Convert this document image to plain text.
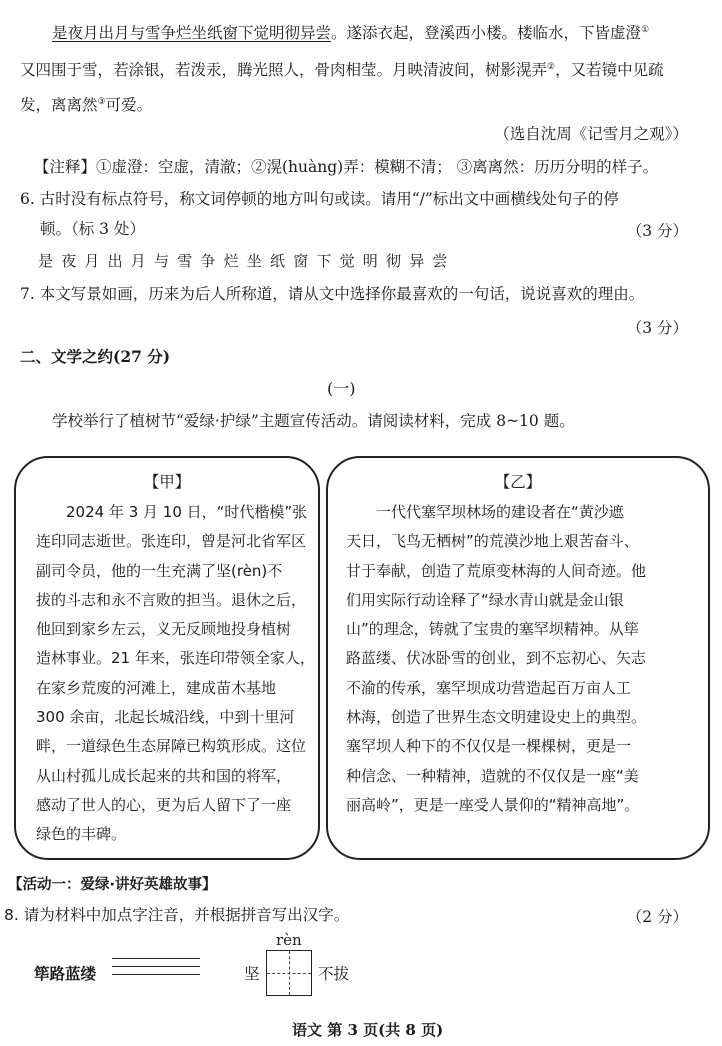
是夜月出月与雪争烂坐纸窗下觉明彻异尝。遂添衣起，登溪西小楼。楼临水，下皆虚澄①
又四围于雪，若涂银，若泼汞，腾光照人，骨肉相莹。月映清波间，树影滉弄②，又若镜中见疏
发，离离然③可爱。
（选自沈周《记雪月之观》）
【注释】①虚澄：空虚，清澈；②滉(huàng)弄：模糊不清； ③离离然：历历分明的样子。
6. 古时没有标点符号，称文词停顿的地方叫句或读。请用“/”标出文中画横线处句子的停
顿。（标 3 处）	（3 分）
是夜月出月与雪争烂坐纸窗下觉明彻异尝
7. 本文写景如画，历来为后人所称道，请从文中选择你最喜欢的一句话，说说喜欢的理由。
（3 分）
二、文学之约(27 分)
(一)
学校举行了植树节“爱绿·护绿”主题宣传活动。请阅读材料，完成 8~10 题。
【甲】
2024 年 3 月 10 日，“时代楷模”张
连印同志逝世。张连印，曾是河北省军区
副司令员，他的一生充满了坚(rèn)不
拔的斗志和永不言败的担当。退休之后，
他回到家乡左云，义无反顾地投身植树
造林事业。21 年来，张连印带领全家人，
在家乡荒废的河滩上，建成苗木基地
300 余亩，北起长城沿线，中到十里河
畔，一道绿色生态屏障已构筑形成。这位
从山村孤儿成长起来的共和国的将军，
感动了世人的心，更为后人留下了一座
绿色的丰碑。
【乙】
一代代塞罕坝林场的建设者在“黄沙遮
天日，飞鸟无栖树”的荒漠沙地上艰苦奋斗、
甘于奉献，创造了荒原变林海的人间奇迹。他
们用实际行动诠释了“绿水青山就是金山银
山”的理念，铸就了宝贵的塞罕坝精神。从筚
路蓝缕、伏冰卧雪的创业，到不忘初心、矢志
不渝的传承，塞罕坝成功营造起百万亩人工
林海，创造了世界生态文明建设史上的典型。
塞罕坝人种下的不仅仅是一棵棵树，更是一
种信念、一种精神，造就的不仅仅是一座“美
丽高岭”，更是一座受人景仰的“精神高地”。
【活动一：爱绿·讲好英雄故事】
8. 请为材料中加点字注音，并根据拼音写出汉字。	（2 分）
筚路蓝缕
rèn
坚	不拔
语文 第 3 页(共 8 页)
